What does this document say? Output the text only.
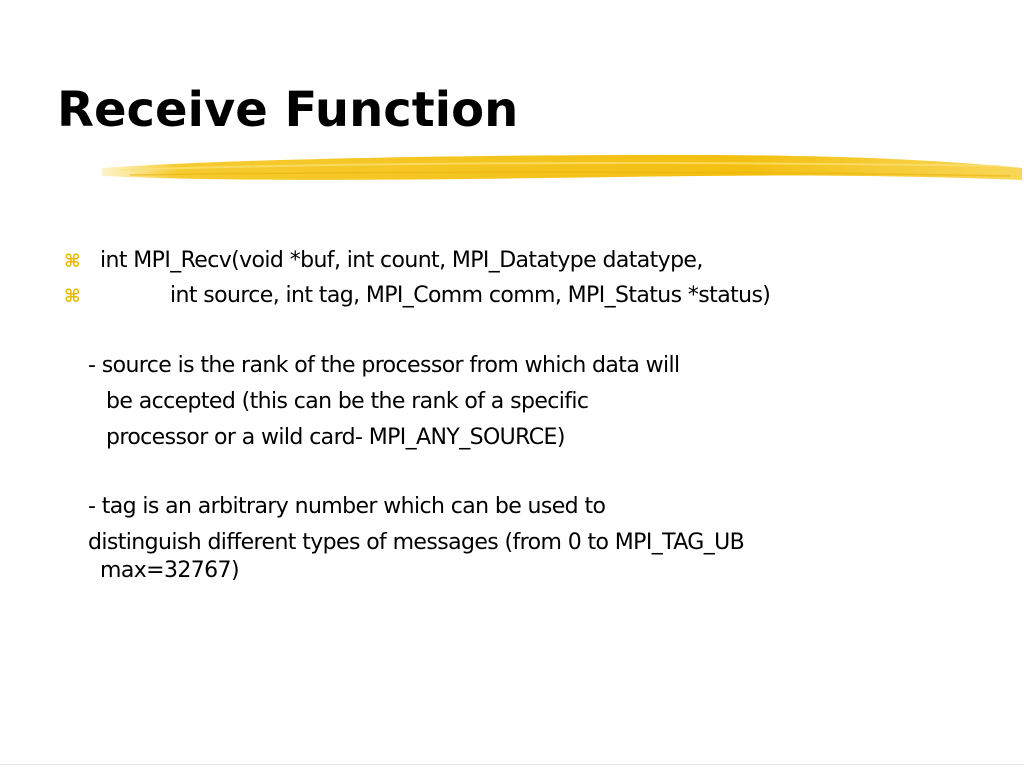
Receive Function
⌘ int MPI_Recv(void *buf, int count, MPI_Datatype datatype,
⌘	int source, int tag, MPI_Comm comm, MPI_Status *status)
- source is the rank of the processor from which data will
be accepted (this can be the rank of a specific
processor or a wild card- MPI_ANY_SOURCE)
- tag is an arbitrary number which can be used to
distinguish different types of messages (from 0 to MPI_TAG_UB
max=32767)
